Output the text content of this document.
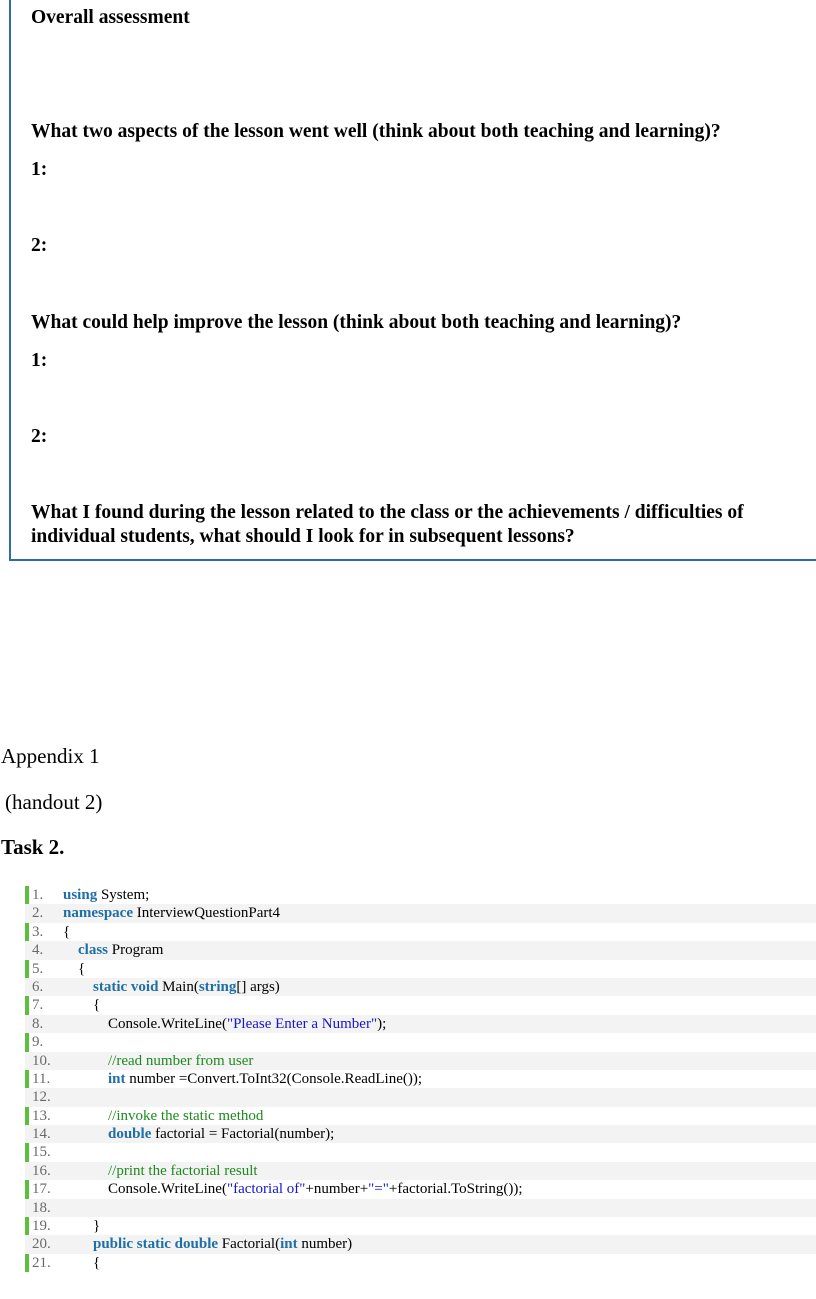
Overall assessment

What two aspects of the lesson went well (think about both teaching and learning)?

1:

2:

What could help improve the lesson (think about both teaching and learning)?

1:

2:

What I found during the lesson related to the class or the achievements / difficulties of individual students, what should I look for in subsequent lessons?

Appendix 1
(handout 2)
Task 2.
1. using System;
2. namespace InterviewQuestionPart4
3. {
4.	class Program
5.	{
6.	static void Main(string[] args)
7.	{
8.	Console.WriteLine("Please Enter a Number");
9.
10.	//read number from user
11.	int number =Convert.ToInt32(Console.ReadLine());
12.
13.	//invoke the static method
14.	double factorial = Factorial(number);
15.
16.	//print the factorial result
17.	Console.WriteLine("factorial of"+number+"="+factorial.ToString());
18.
19.	}
20.	public static double Factorial(int number)
21.	{
